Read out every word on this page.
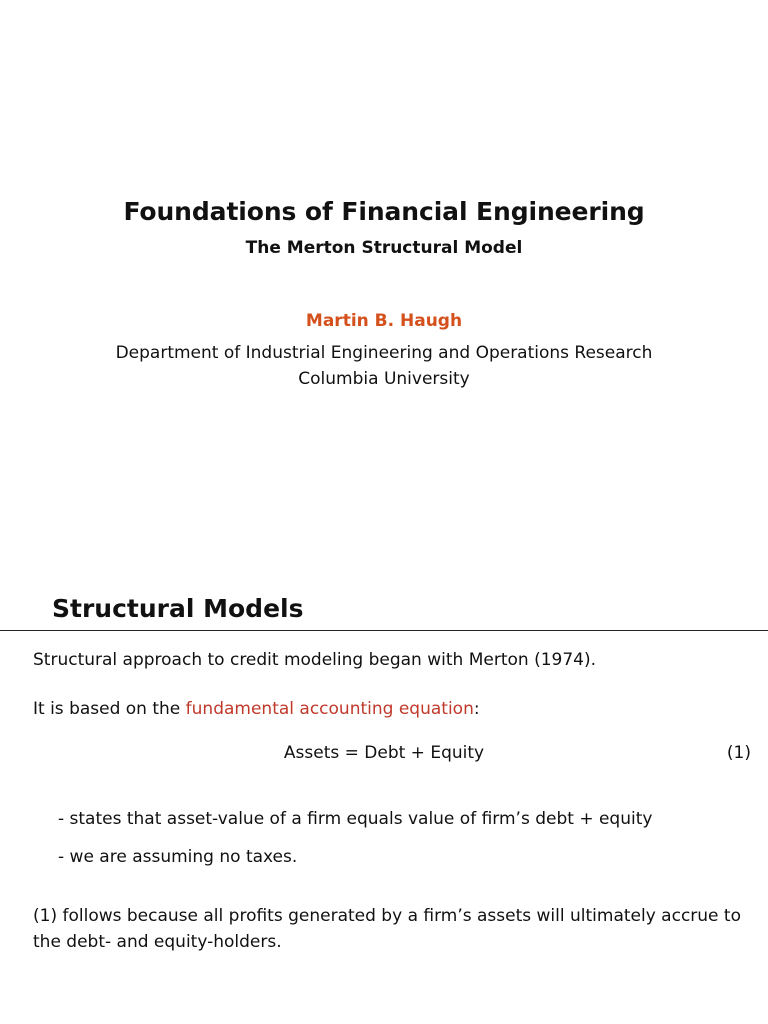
Foundations of Financial Engineering
The Merton Structural Model
Martin B. Haugh
Department of Industrial Engineering and Operations Research
Columbia University
Structural Models
Structural approach to credit modeling began with Merton (1974).
It is based on the fundamental accounting equation:
Assets = Debt + Equity	(1)
- states that asset-value of a firm equals value of firm’s debt + equity
- we are assuming no taxes.
(1) follows because all profits generated by a firm’s assets will ultimately accrue to the debt- and equity-holders.
